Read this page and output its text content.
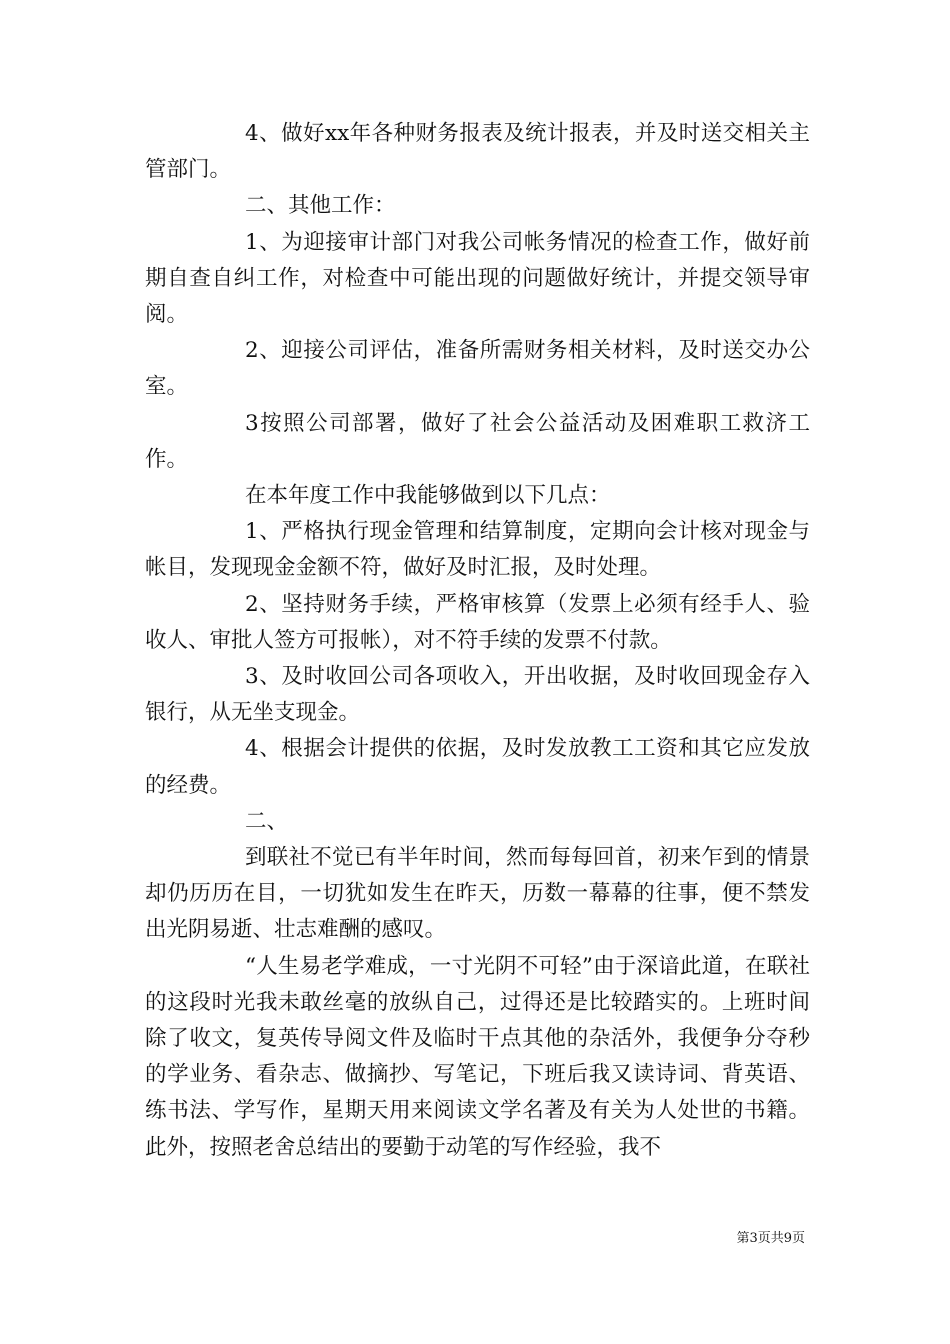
4、做好xx年各种财务报表及统计报表，并及时送交相关主管部门。

二、其他工作：

1、为迎接审计部门对我公司帐务情况的检查工作，做好前期自查自纠工作，对检查中可能出现的问题做好统计，并提交领导审阅。

2、迎接公司评估，准备所需财务相关材料，及时送交办公室。

3按照公司部署，做好了社会公益活动及困难职工救济工作。

在本年度工作中我能够做到以下几点：

1、严格执行现金管理和结算制度，定期向会计核对现金与帐目，发现现金金额不符，做好及时汇报，及时处理。

2、坚持财务手续，严格审核算（发票上必须有经手人、验收人、审批人签方可报帐），对不符手续的发票不付款。

3、及时收回公司各项收入，开出收据，及时收回现金存入银行，从无坐支现金。

4、根据会计提供的依据，及时发放教工工资和其它应发放的经费。

二、

到联社不觉已有半年时间，然而每每回首，初来乍到的情景却仍历历在目，一切犹如发生在昨天，历数一幕幕的往事，便不禁发出光阴易逝、壮志难酬的感叹。

“人生易老学难成，一寸光阴不可轻”由于深谙此道，在联社的这段时光我未敢丝毫的放纵自己，过得还是比较踏实的。上班时间除了收文，复英传导阅文件及临时干点其他的杂活外，我便争分夺秒的学业务、看杂志、做摘抄、写笔记，下班后我又读诗词、背英语、练书法、学写作，星期天用来阅读文学名著及有关为人处世的书籍。此外，按照老舍总结出的要勤于动笔的写作经验，我不

第3页共9页
